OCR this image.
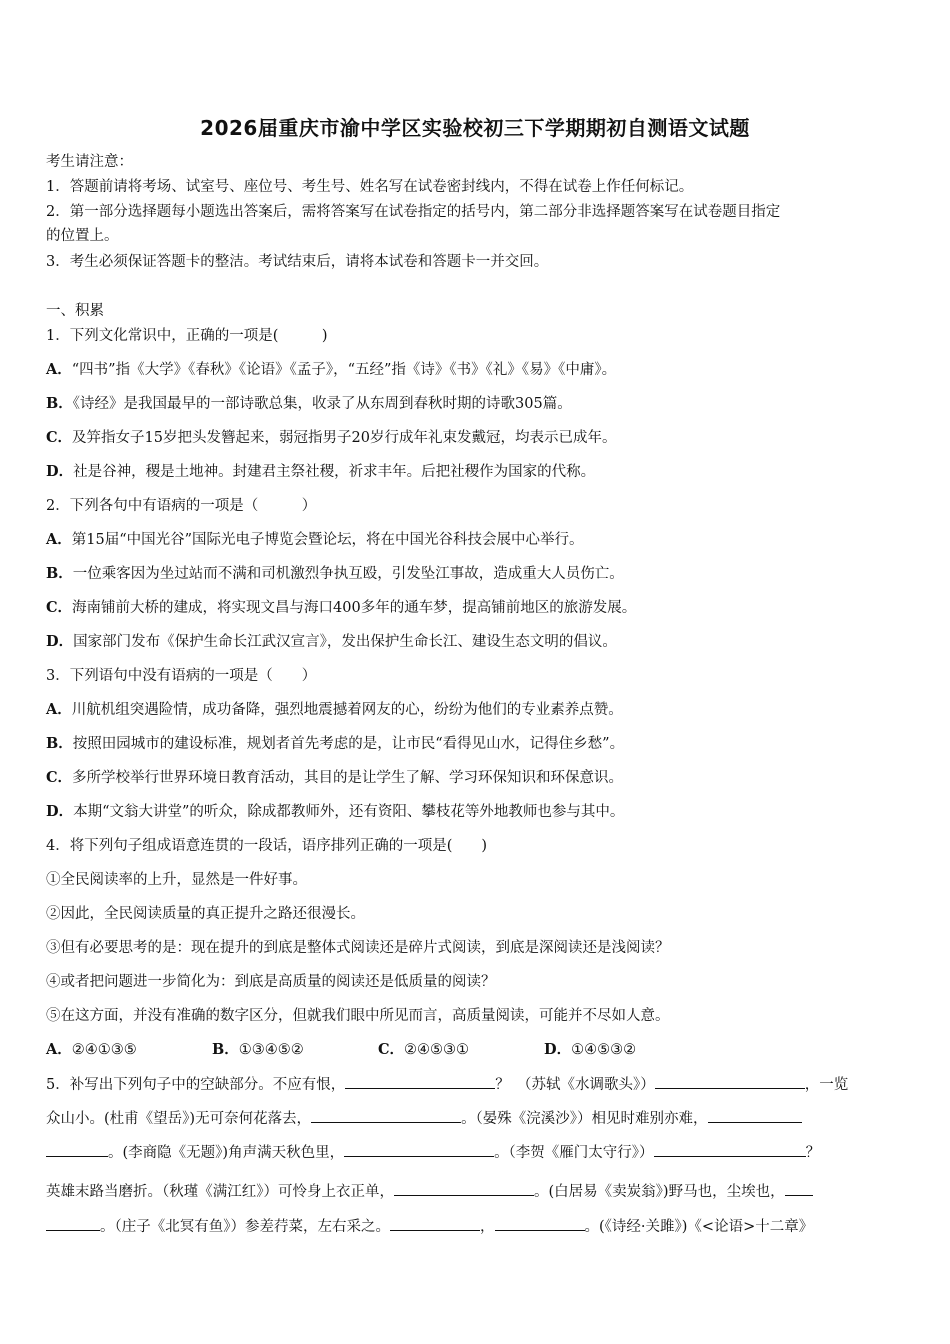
2026届重庆市渝中学区实验校初三下学期期初自测语文试题
考生请注意：
1．答题前请将考场、试室号、座位号、考生号、姓名写在试卷密封线内，不得在试卷上作任何标记。
2．第一部分选择题每小题选出答案后，需将答案写在试卷指定的括号内，第二部分非选择题答案写在试卷题目指定
的位置上。
3．考生必须保证答题卡的整洁。考试结束后，请将本试卷和答题卡一并交回。
一、积累
1．下列文化常识中，正确的一项是(　　　)
A．“四书”指《大学》《春秋》《论语》《孟子》，“五经”指《诗》《书》《礼》《易》《中庸》。
B．《诗经》是我国最早的一部诗歌总集，收录了从东周到春秋时期的诗歌305篇。
C．及笄指女子15岁把头发簪起来，弱冠指男子20岁行成年礼束发戴冠，均表示已成年。
D．社是谷神，稷是土地神。封建君主祭社稷，祈求丰年。后把社稷作为国家的代称。
2．下列各句中有语病的一项是（　　　）
A．第15届“中国光谷”国际光电子博览会暨论坛，将在中国光谷科技会展中心举行。
B．一位乘客因为坐过站而不满和司机激烈争执互殴，引发坠江事故，造成重大人员伤亡。
C．海南铺前大桥的建成，将实现文昌与海口400多年的通车梦，提高铺前地区的旅游发展。
D．国家部门发布《保护生命长江武汉宣言》，发出保护生命长江、建设生态文明的倡议。
3．下列语句中没有语病的一项是（　　）
A．川航机组突遇险情，成功备降，强烈地震撼着网友的心，纷纷为他们的专业素养点赞。
B．按照田园城市的建设标准，规划者首先考虑的是，让市民“看得见山水，记得住乡愁”。
C．多所学校举行世界环境日教育活动，其目的是让学生了解、学习环保知识和环保意识。
D．本期“文翁大讲堂”的听众，除成都教师外，还有资阳、攀枝花等外地教师也参与其中。
4．将下列句子组成语意连贯的一段话，语序排列正确的一项是(　　)
①全民阅读率的上升，显然是一件好事。
②因此，全民阅读质量的真正提升之路还很漫长。
③但有必要思考的是：现在提升的到底是整体式阅读还是碎片式阅读，到底是深阅读还是浅阅读？
④或者把问题进一步简化为：到底是高质量的阅读还是低质量的阅读？
⑤在这方面，并没有准确的数字区分，但就我们眼中所见而言，高质量阅读，可能并不尽如人意。
A．②④①③⑤	B．①③④⑤②	C．②④⑤③①	D．①④⑤③②
5．补写出下列句子中的空缺部分。不应有恨，	？　（苏轼《水调歌头》）	，一览
众山小。(杜甫《望岳》)无可奈何花落去，	。（晏殊《浣溪沙》）相见时难别亦难，
。(李商隐《无题》)角声满天秋色里，	。（李贺《雁门太守行》）	？
英雄末路当磨折。（秋瑾《满江红》）可怜身上衣正单，	。(白居易《卖炭翁》)野马也，尘埃也，
。（庄子《北冥有鱼》）参差荇菜，左右采之。	，	。(《诗经·关雎》)《<论语>十二章》
